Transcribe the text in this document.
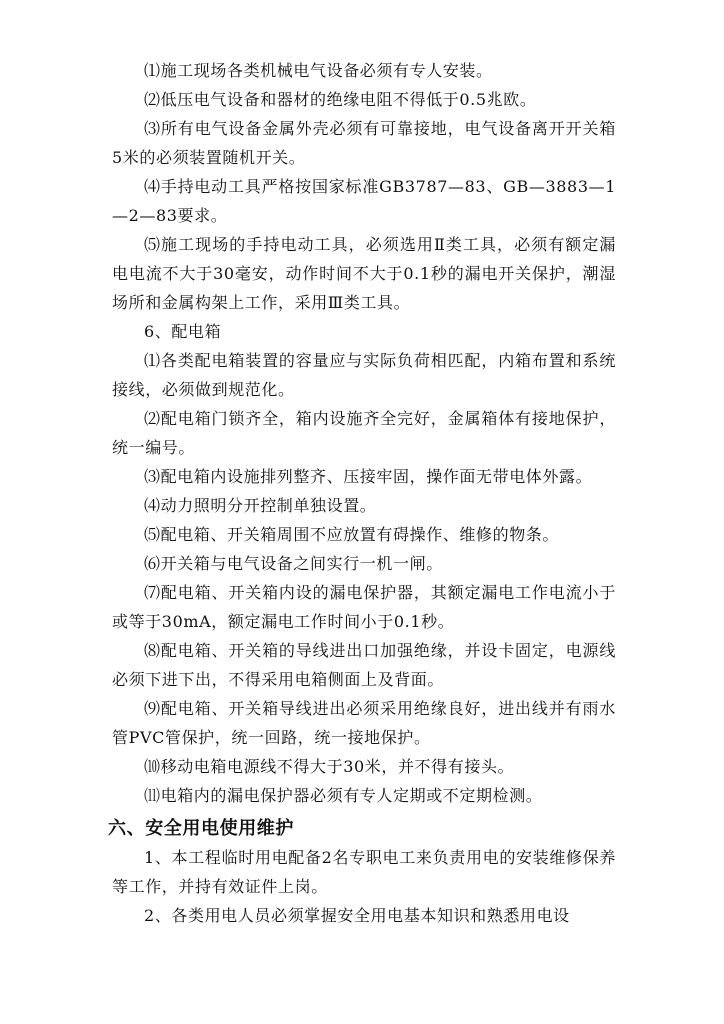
⑴施工现场各类机械电气设备必须有专人安装。

⑵低压电气设备和器材的绝缘电阻不得低于0.5兆欧。

⑶所有电气设备金属外壳必须有可靠接地，电气设备离开开关箱5米的必须装置随机开关。

⑷手持电动工具严格按国家标准GB3787—83、GB—3883—1—2—83要求。

⑸施工现场的手持电动工具，必须选用Ⅱ类工具，必须有额定漏电电流不大于30毫安，动作时间不大于0.1秒的漏电开关保护，潮湿场所和金属构架上工作，采用Ⅲ类工具。

6、配电箱

⑴各类配电箱装置的容量应与实际负荷相匹配，内箱布置和系统接线，必须做到规范化。

⑵配电箱门锁齐全，箱内设施齐全完好，金属箱体有接地保护，统一编号。

⑶配电箱内设施排列整齐、压接牢固，操作面无带电体外露。

⑷动力照明分开控制单独设置。

⑸配电箱、开关箱周围不应放置有碍操作、维修的物条。

⑹开关箱与电气设备之间实行一机一闸。

⑺配电箱、开关箱内设的漏电保护器，其额定漏电工作电流小于或等于30mA，额定漏电工作时间小于0.1秒。

⑻配电箱、开关箱的导线进出口加强绝缘，并设卡固定，电源线必须下进下出，不得采用电箱侧面上及背面。

⑼配电箱、开关箱导线进出必须采用绝缘良好，进出线并有雨水管PVC管保护，统一回路，统一接地保护。

⑽移动电箱电源线不得大于30米，并不得有接头。

⑾电箱内的漏电保护器必须有专人定期或不定期检测。

六、安全用电使用维护

1、本工程临时用电配备2名专职电工来负责用电的安装维修保养等工作，并持有效证件上岗。

2、各类用电人员必须掌握安全用电基本知识和熟悉用电设
